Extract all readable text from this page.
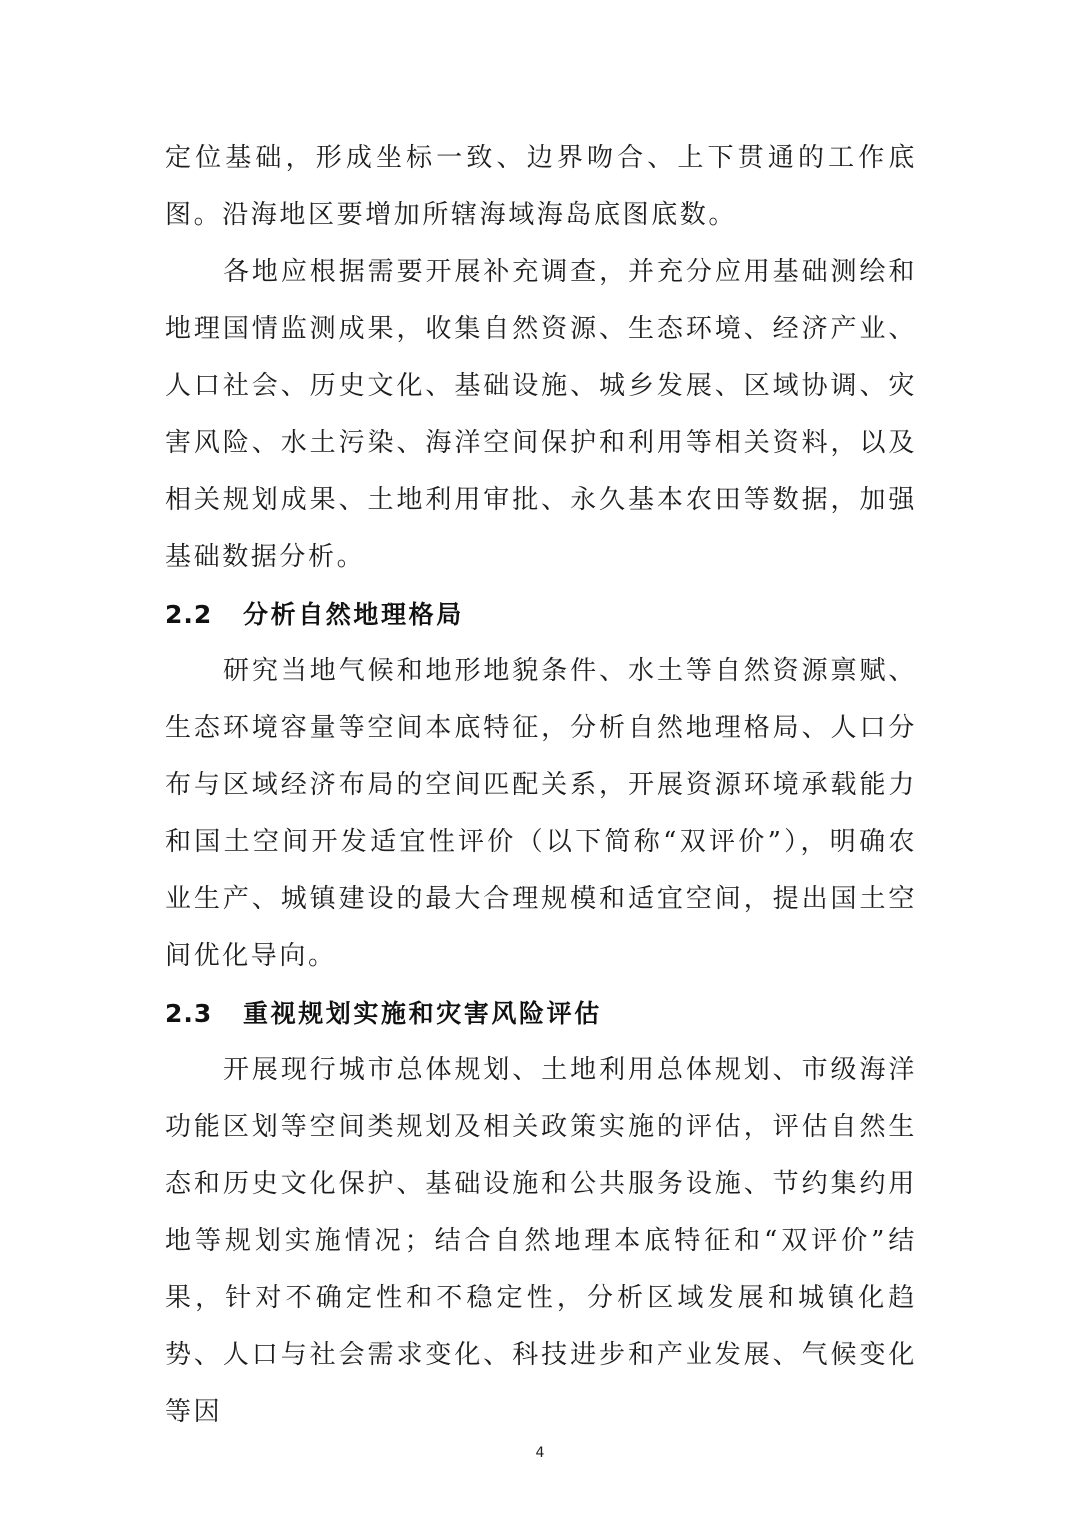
定位基础，形成坐标一致、边界吻合、上下贯通的工作底图。沿海地区要增加所辖海域海岛底图底数。

各地应根据需要开展补充调查，并充分应用基础测绘和地理国情监测成果，收集自然资源、生态环境、经济产业、人口社会、历史文化、基础设施、城乡发展、区域协调、灾害风险、水土污染、海洋空间保护和利用等相关资料，以及相关规划成果、土地利用审批、永久基本农田等数据，加强基础数据分析。

2.2 分析自然地理格局

研究当地气候和地形地貌条件、水土等自然资源禀赋、生态环境容量等空间本底特征，分析自然地理格局、人口分布与区域经济布局的空间匹配关系，开展资源环境承载能力和国土空间开发适宜性评价（以下简称“双评价”），明确农业生产、城镇建设的最大合理规模和适宜空间，提出国土空间优化导向。

2.3 重视规划实施和灾害风险评估

开展现行城市总体规划、土地利用总体规划、市级海洋功能区划等空间类规划及相关政策实施的评估，评估自然生态和历史文化保护、基础设施和公共服务设施、节约集约用地等规划实施情况；结合自然地理本底特征和“双评价”结果，针对不确定性和不稳定性，分析区域发展和城镇化趋势、人口与社会需求变化、科技进步和产业发展、气候变化等因

4
